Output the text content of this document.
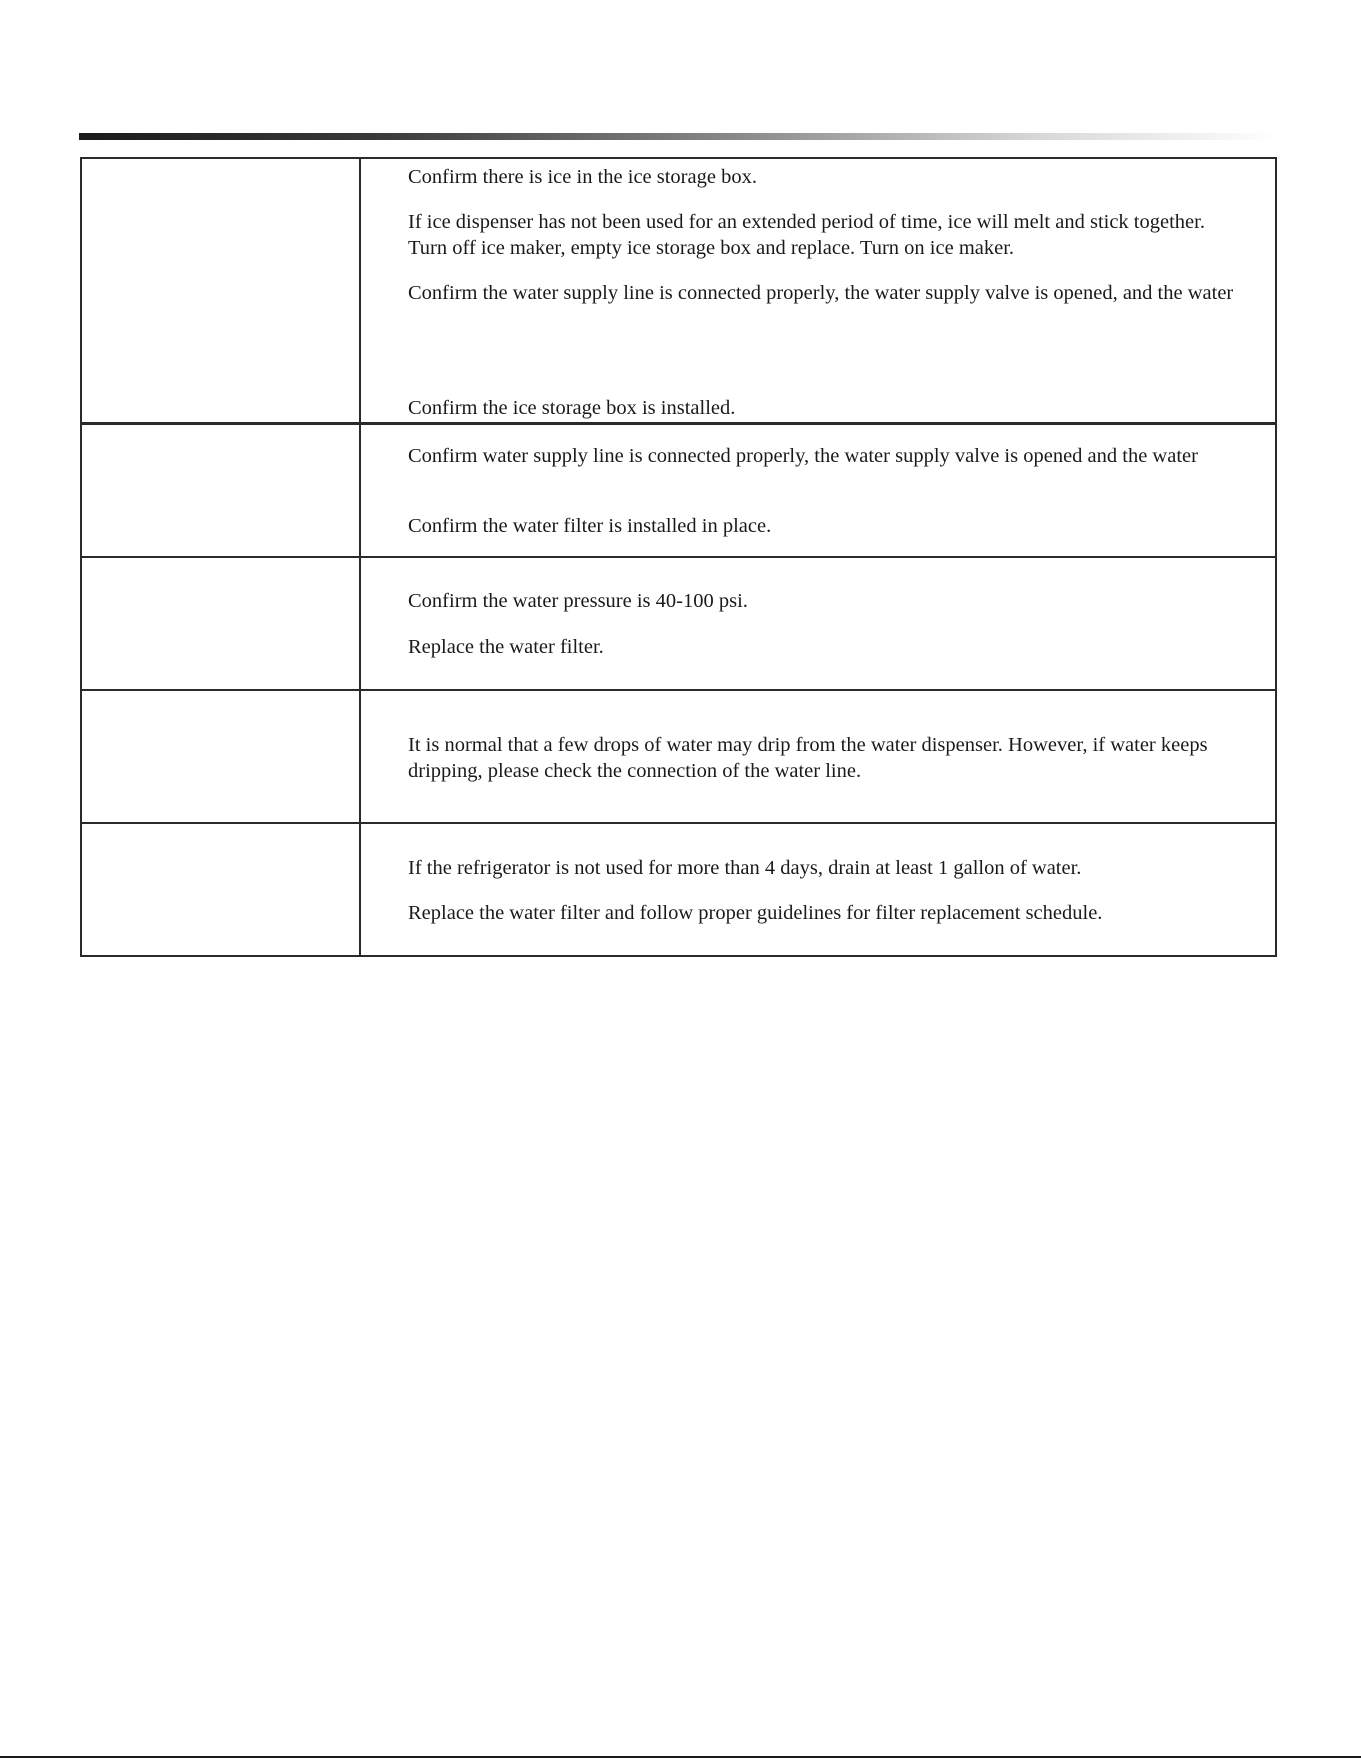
	Confirm there is ice in the ice storage box.
If ice dispenser has not been used for an extended period of time, ice will melt and stick together.
Turn off ice maker, empty ice storage box and replace. Turn on ice maker.
Confirm the water supply line is connected properly, the water supply valve is opened, and the water
Confirm the ice storage box is installed.

	Confirm water supply line is connected properly, the water supply valve is opened and the water
Confirm the water filter is installed in place.

	Confirm the water pressure is 40-100 psi.
Replace the water filter.

	It is normal that a few drops of water may drip from the water dispenser. However, if water keeps
dripping, please check the connection of the water line.

	If the refrigerator is not used for more than 4 days, drain at least 1 gallon of water.
Replace the water filter and follow proper guidelines for filter replacement schedule.
